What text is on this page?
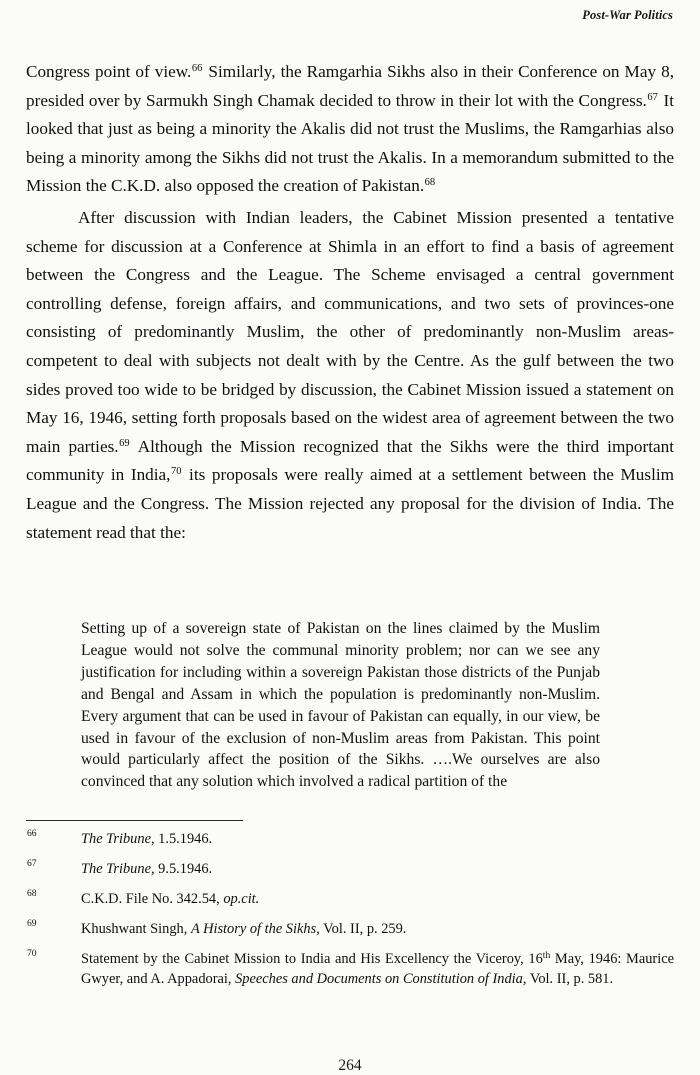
Post-War Politics

Congress point of view.$^{66}$ Similarly, the Ramgarhia Sikhs also in their Conference on May 8, presided over by Sarmukh Singh Chamak decided to throw in their lot with the Congress.$^{67}$ It looked that just as being a minority the Akalis did not trust the Muslims, the Ramgarhias also being a minority among the Sikhs did not trust the Akalis. In a memorandum submitted to the Mission the C.K.D. also opposed the creation of Pakistan.$^{68}$

After discussion with Indian leaders, the Cabinet Mission presented a tentative scheme for discussion at a Conference at Shimla in an effort to find a basis of agreement between the Congress and the League. The Scheme envisaged a central government controlling defense, foreign affairs, and communications, and two sets of provinces-one consisting of predominantly Muslim, the other of predominantly non-Muslim areas-competent to deal with subjects not dealt with by the Centre. As the gulf between the two sides proved too wide to be bridged by discussion, the Cabinet Mission issued a statement on May 16, 1946, setting forth proposals based on the widest area of agreement between the two main parties.$^{69}$ Although the Mission recognized that the Sikhs were the third important community in India,$^{70}$ its proposals were really aimed at a settlement between the Muslim League and the Congress. The Mission rejected any proposal for the division of India. The statement read that the:

Setting up of a sovereign state of Pakistan on the lines claimed by the Muslim League would not solve the communal minority problem; nor can we see any justification for including within a sovereign Pakistan those districts of the Punjab and Bengal and Assam in which the population is predominantly non-Muslim. Every argument that can be used in favour of Pakistan can equally, in our view, be used in favour of the exclusion of non-Muslim areas from Pakistan. This point would particularly affect the position of the Sikhs. ….We ourselves are also convinced that any solution which involved a radical partition of the

66	The Tribune, 1.5.1946.
67	The Tribune, 9.5.1946.
68	C.K.D. File No. 342.54, op.cit.
69	Khushwant Singh, A History of the Sikhs, Vol. II, p. 259.
70	Statement by the Cabinet Mission to India and His Excellency the Viceroy, 16th May, 1946: Maurice Gwyer, and A. Appadorai, Speeches and Documents on Constitution of India, Vol. II, p. 581.
264
